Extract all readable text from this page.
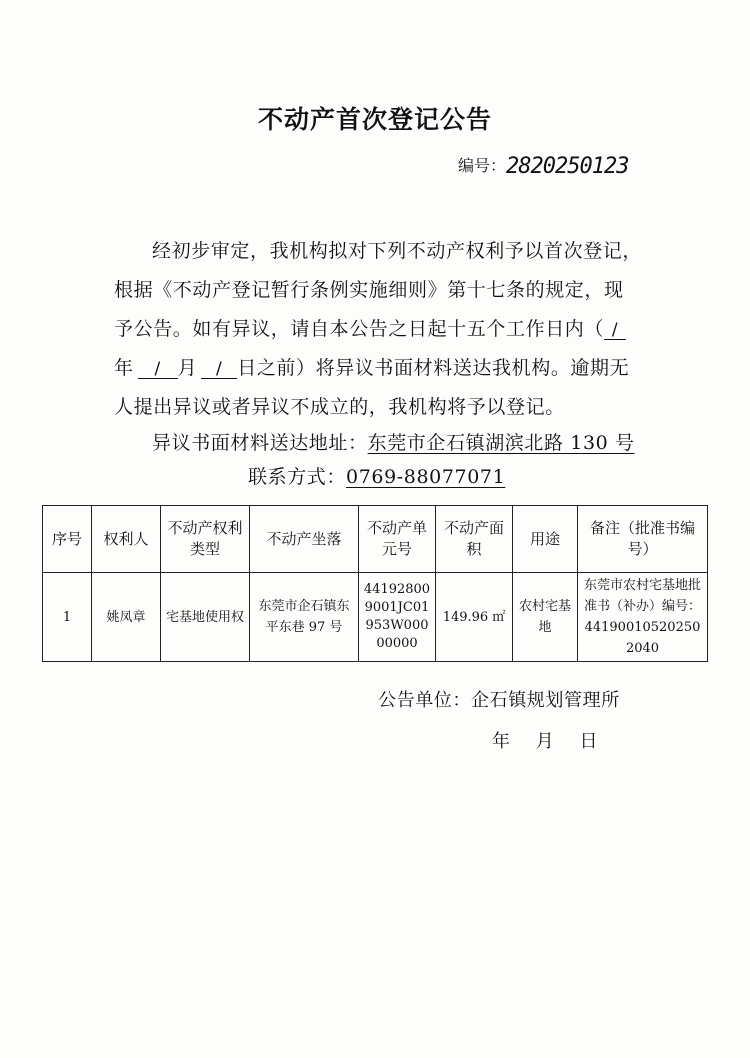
不动产首次登记公告
编号：2820250123
经初步审定，我机构拟对下列不动产权利予以首次登记，
根据《不动产登记暂行条例实施细则》第十七条的规定，现
予公告。如有异议，请自本公告之日起十五个工作日内（ /
年 / 月 / 日之前）将异议书面材料送达我机构。逾期无
人提出异议或者异议不成立的，我机构将予以登记。
异议书面材料送达地址：东莞市企石镇湖滨北路 130 号
联系方式：0769-88077071
序号	权利人	不动产权利类型	不动产坐落	不动产单元号	不动产面积	用途	备注（批准书编号）
1	姚凤章	宅基地使用权	东莞市企石镇东平东巷 97 号	441928009001JC01953W00000000	149.96 ㎡	农村宅基地	东莞市农村宅基地批准书（补办）编号：441900105202502040
公告单位：企石镇规划管理所
年 月 日
